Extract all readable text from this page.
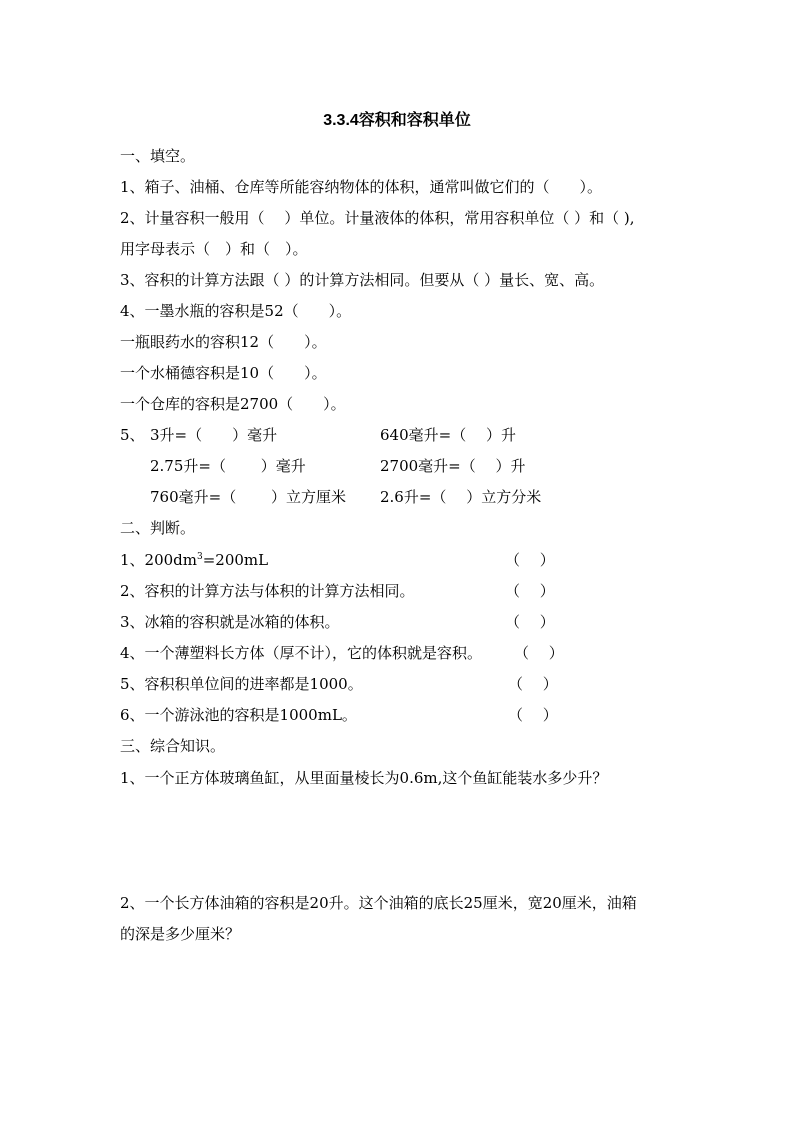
3.3.4容积和容积单位
一、填空。
1、箱子、油桶、仓库等所能容纳物体的体积，通常叫做它们的（　　）。
2、计量容积一般用（　 ）单位。计量液体的体积，常用容积单位（ ）和（ ),
用字母表示（　）和（　）。
3、容积的计算方法跟（ ）的计算方法相同。但要从（ ）量长、宽、高。
4、一墨水瓶的容积是52（　　）。
一瓶眼药水的容积12（　　）。
一个水桶德容积是10（　　）。
一个仓库的容积是2700（　　）。
5、 3升=（　　）毫升	640毫升=（　 ）升
2.75升=（　　 ）毫升	2700毫升=（　 ）升
760毫升=（　　 ）立方厘米 2.6升=（　 ）立方分米
二、判断。
1、$200dm^3=200mL$	（　 ）
2、容积的计算方法与体积的计算方法相同。	（　 ）
3、冰箱的容积就是冰箱的体积。	（　 ）
4、一个薄塑料长方体（厚不计），它的体积就是容积。 （　 ）
5、容积积单位间的进率都是1000。	（　 ）
6、一个游泳池的容积是1000mL。	（　 ）
三、综合知识。
1、一个正方体玻璃鱼缸，从里面量棱长为0.6m,这个鱼缸能装水多少升？
2、一个长方体油箱的容积是20升。这个油箱的底长25厘米，宽20厘米，油箱
的深是多少厘米？
